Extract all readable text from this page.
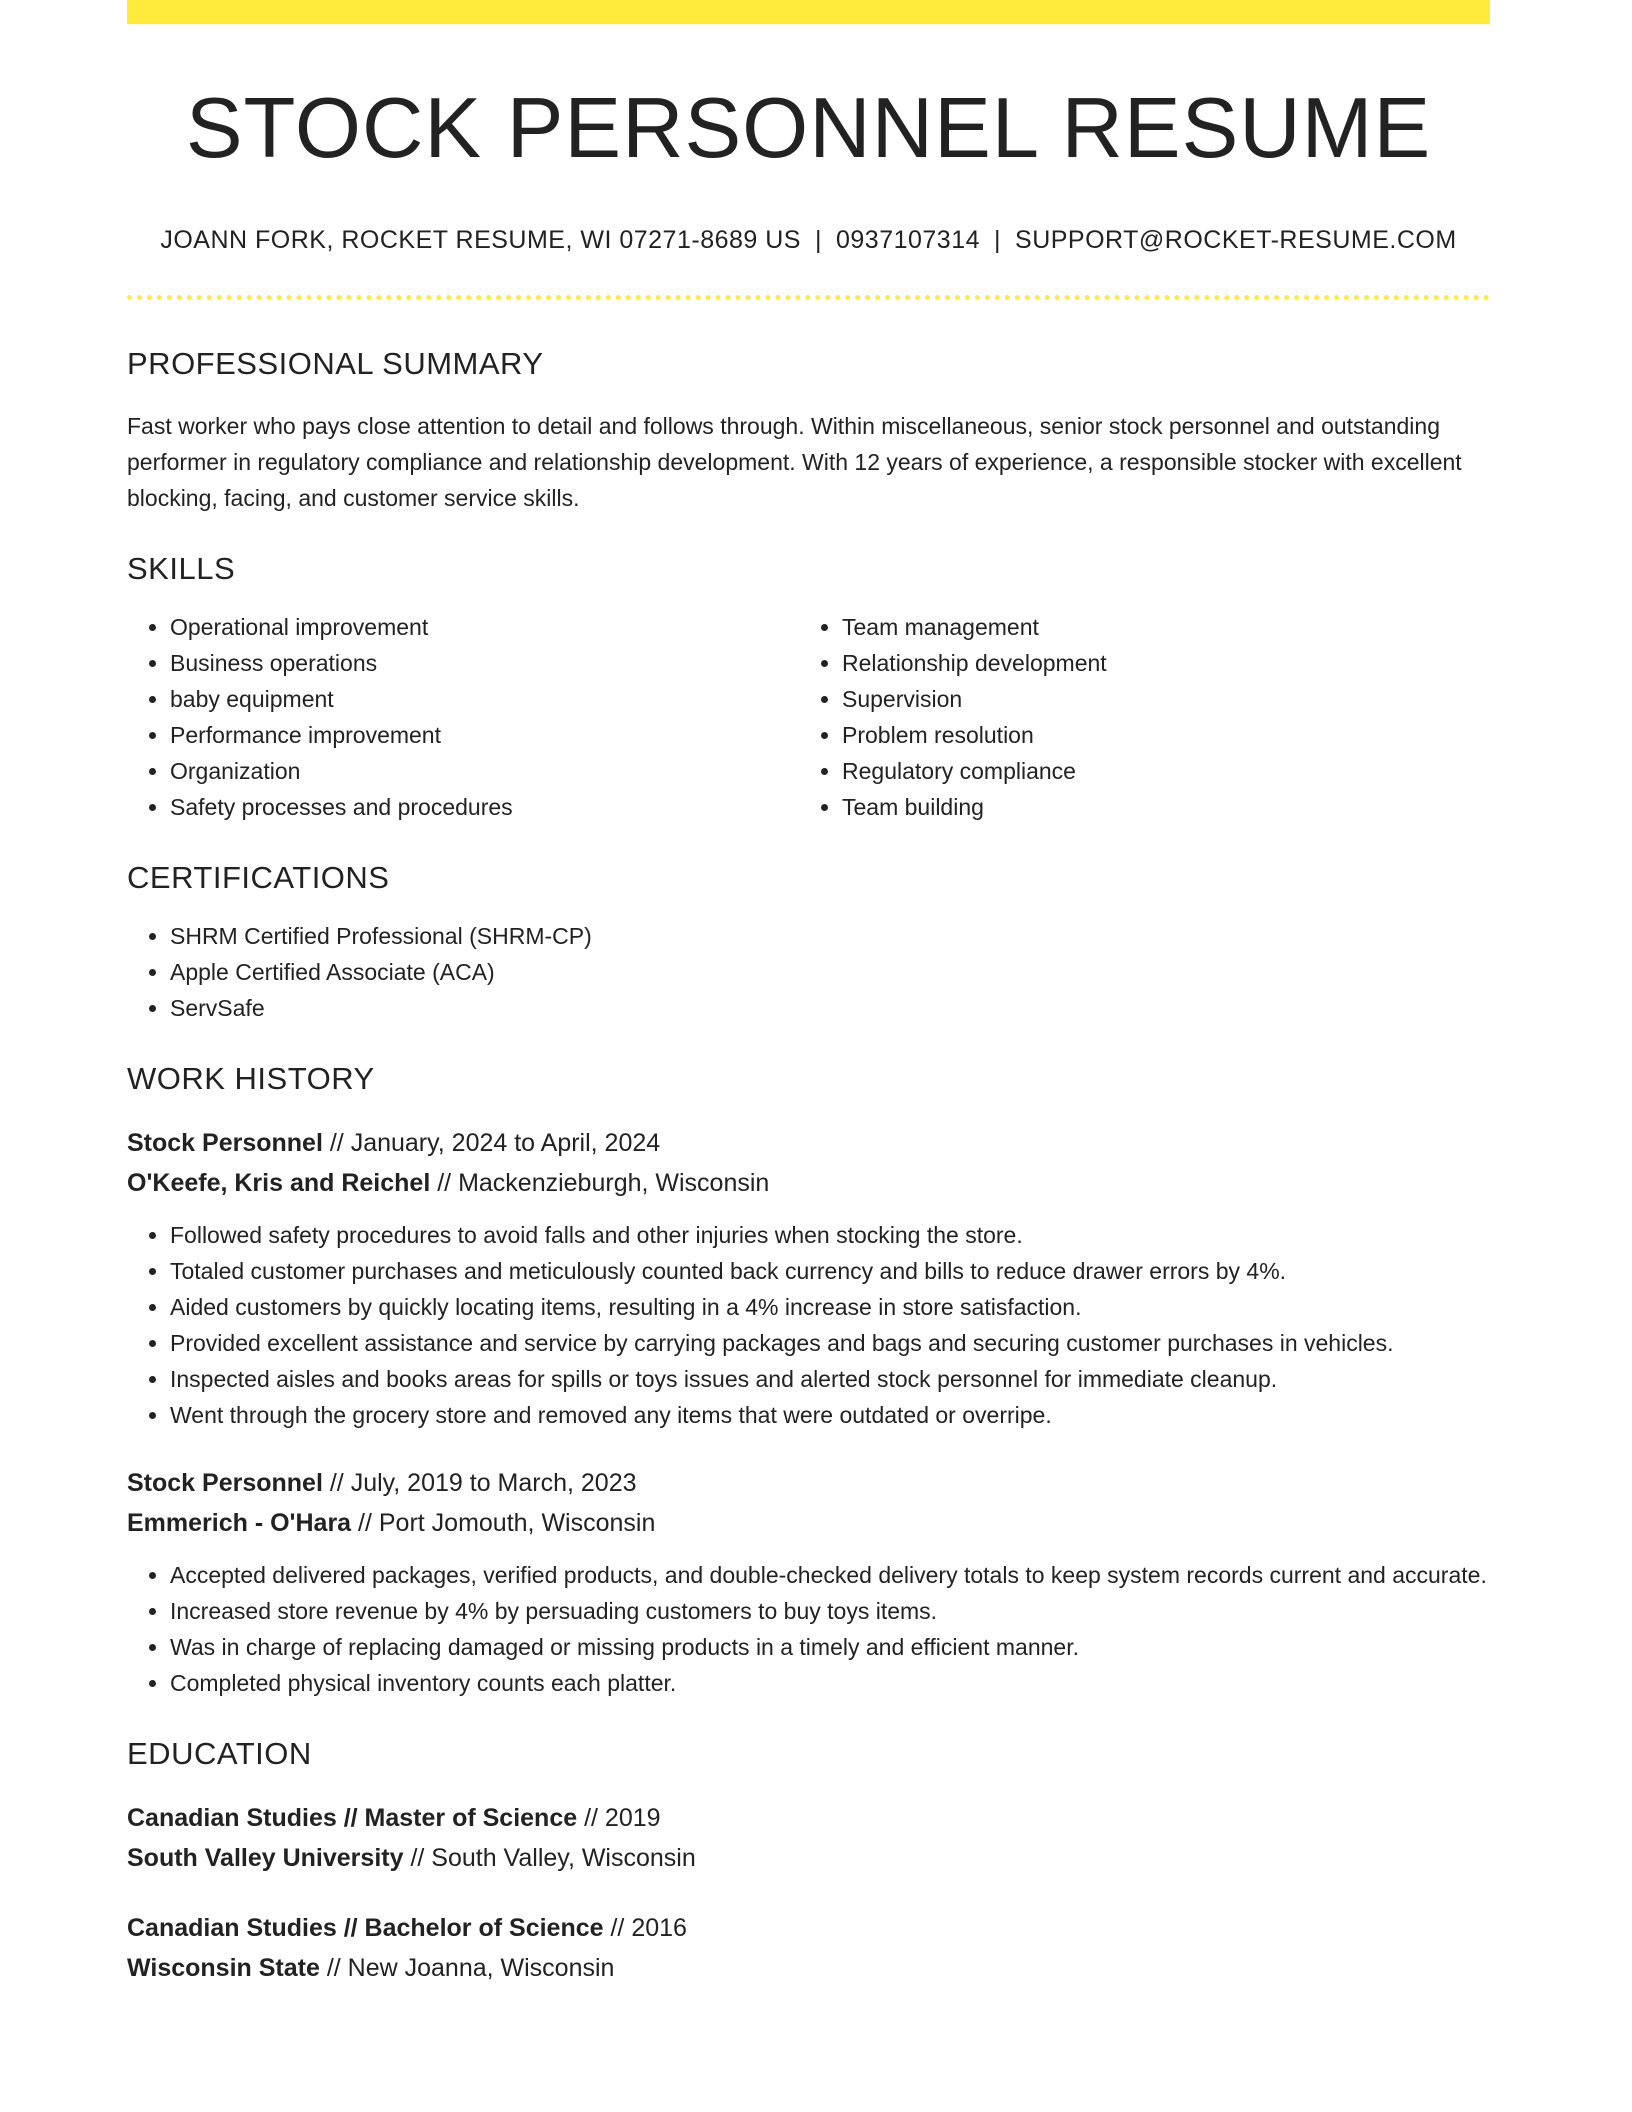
STOCK PERSONNEL RESUME
JOANN FORK, ROCKET RESUME, WI 07271-8689 US | 0937107314 | SUPPORT@ROCKET-RESUME.COM
PROFESSIONAL SUMMARY
Fast worker who pays close attention to detail and follows through. Within miscellaneous, senior stock personnel and outstanding performer in regulatory compliance and relationship development. With 12 years of experience, a responsible stocker with excellent blocking, facing, and customer service skills.
SKILLS
• Operational improvement
• Business operations
• baby equipment
• Performance improvement
• Organization
• Safety processes and procedures
• Team management
• Relationship development
• Supervision
• Problem resolution
• Regulatory compliance
• Team building
CERTIFICATIONS
• SHRM Certified Professional (SHRM-CP)
• Apple Certified Associate (ACA)
• ServSafe
WORK HISTORY
Stock Personnel // January, 2024 to April, 2024
O'Keefe, Kris and Reichel // Mackenzieburgh, Wisconsin
• Followed safety procedures to avoid falls and other injuries when stocking the store.
• Totaled customer purchases and meticulously counted back currency and bills to reduce drawer errors by 4%.
• Aided customers by quickly locating items, resulting in a 4% increase in store satisfaction.
• Provided excellent assistance and service by carrying packages and bags and securing customer purchases in vehicles.
• Inspected aisles and books areas for spills or toys issues and alerted stock personnel for immediate cleanup.
• Went through the grocery store and removed any items that were outdated or overripe.
Stock Personnel // July, 2019 to March, 2023
Emmerich - O'Hara // Port Jomouth, Wisconsin
• Accepted delivered packages, verified products, and double-checked delivery totals to keep system records current and accurate.
• Increased store revenue by 4% by persuading customers to buy toys items.
• Was in charge of replacing damaged or missing products in a timely and efficient manner.
• Completed physical inventory counts each platter.
EDUCATION
Canadian Studies // Master of Science // 2019
South Valley University // South Valley, Wisconsin
Canadian Studies // Bachelor of Science // 2016
Wisconsin State // New Joanna, Wisconsin
